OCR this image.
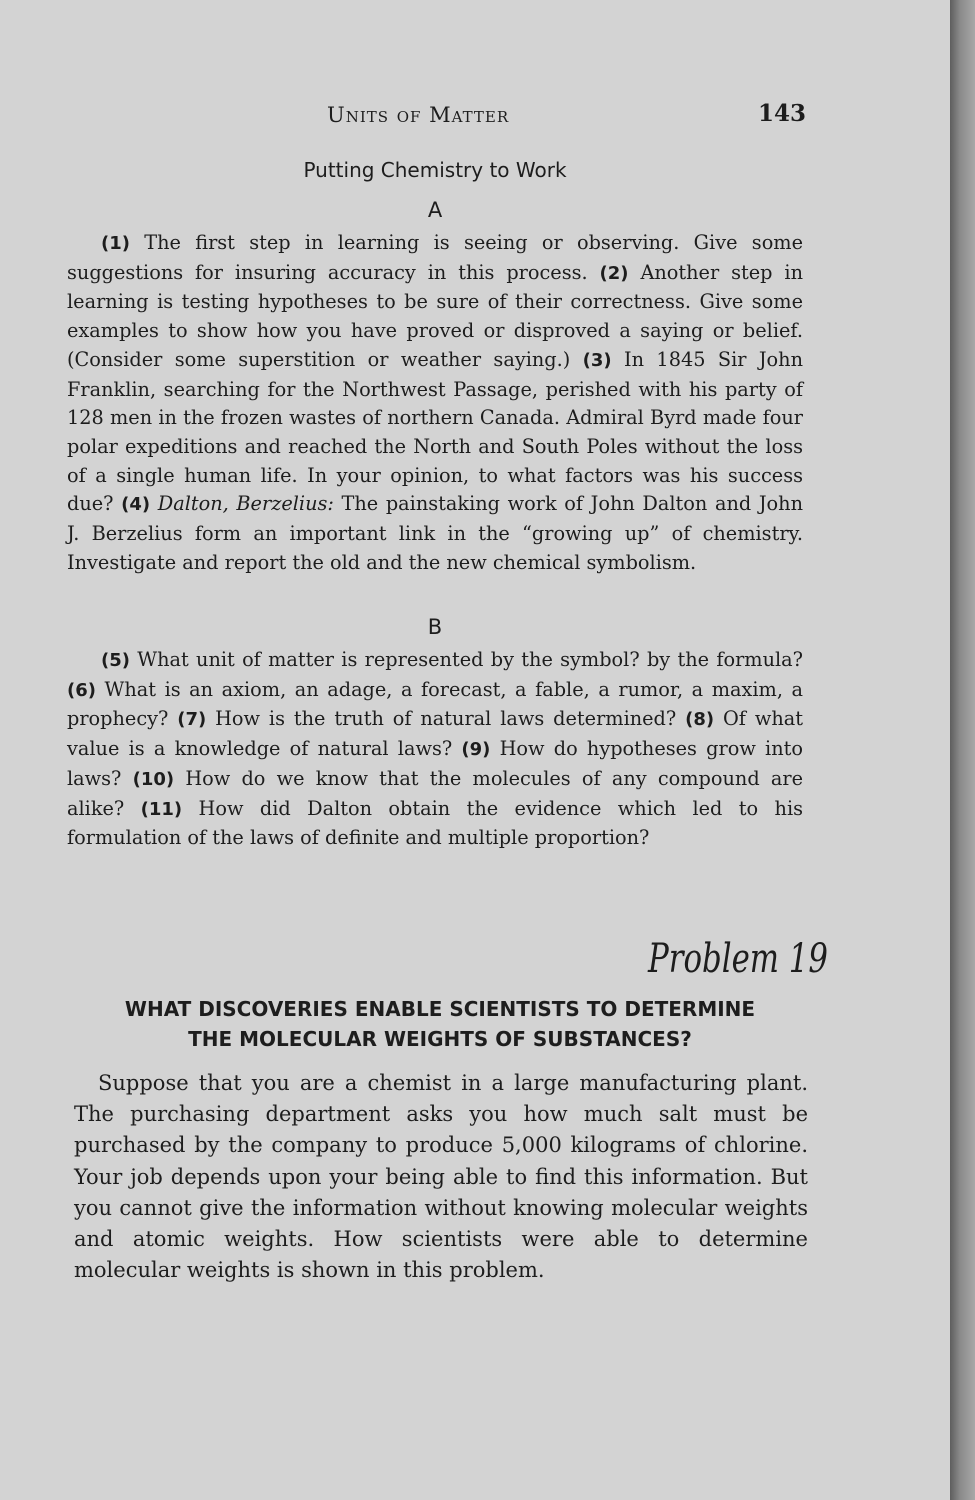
Units of Matter	143
Putting Chemistry to Work
A

(1) The first step in learning is seeing or observing. Give some suggestions for insuring accuracy in this process. (2) Another step in learning is testing hypotheses to be sure of their correctness. Give some examples to show how you have proved or disproved a saying or belief. (Consider some superstition or weather saying.) (3) In 1845 Sir John Franklin, searching for the Northwest Passage, perished with his party of 128 men in the frozen wastes of northern Canada. Admiral Byrd made four polar expeditions and reached the North and South Poles without the loss of a single human life. In your opinion, to what factors was his success due? (4) Dalton, Berzelius: The painstaking work of John Dalton and John J. Berzelius form an important link in the “growing up” of chemistry. Investigate and report the old and the new chemical symbolism.

B

(5) What unit of matter is represented by the symbol? by the formula? (6) What is an axiom, an adage, a forecast, a fable, a rumor, a maxim, a prophecy? (7) How is the truth of natural laws determined? (8) Of what value is a knowledge of natural laws? (9) How do hypotheses grow into laws? (10) How do we know that the molecules of any compound are alike? (11) How did Dalton obtain the evidence which led to his formulation of the laws of definite and multiple proportion?

Problem 19
WHAT DISCOVERIES ENABLE SCIENTISTS TO DETERMINE
THE MOLECULAR WEIGHTS OF SUBSTANCES?

Suppose that you are a chemist in a large manufacturing plant. The purchasing department asks you how much salt must be purchased by the company to produce 5,000 kilograms of chlorine. Your job depends upon your being able to find this information. But you cannot give the information without knowing molecular weights and atomic weights. How scientists were able to determine molecular weights is shown in this problem.
